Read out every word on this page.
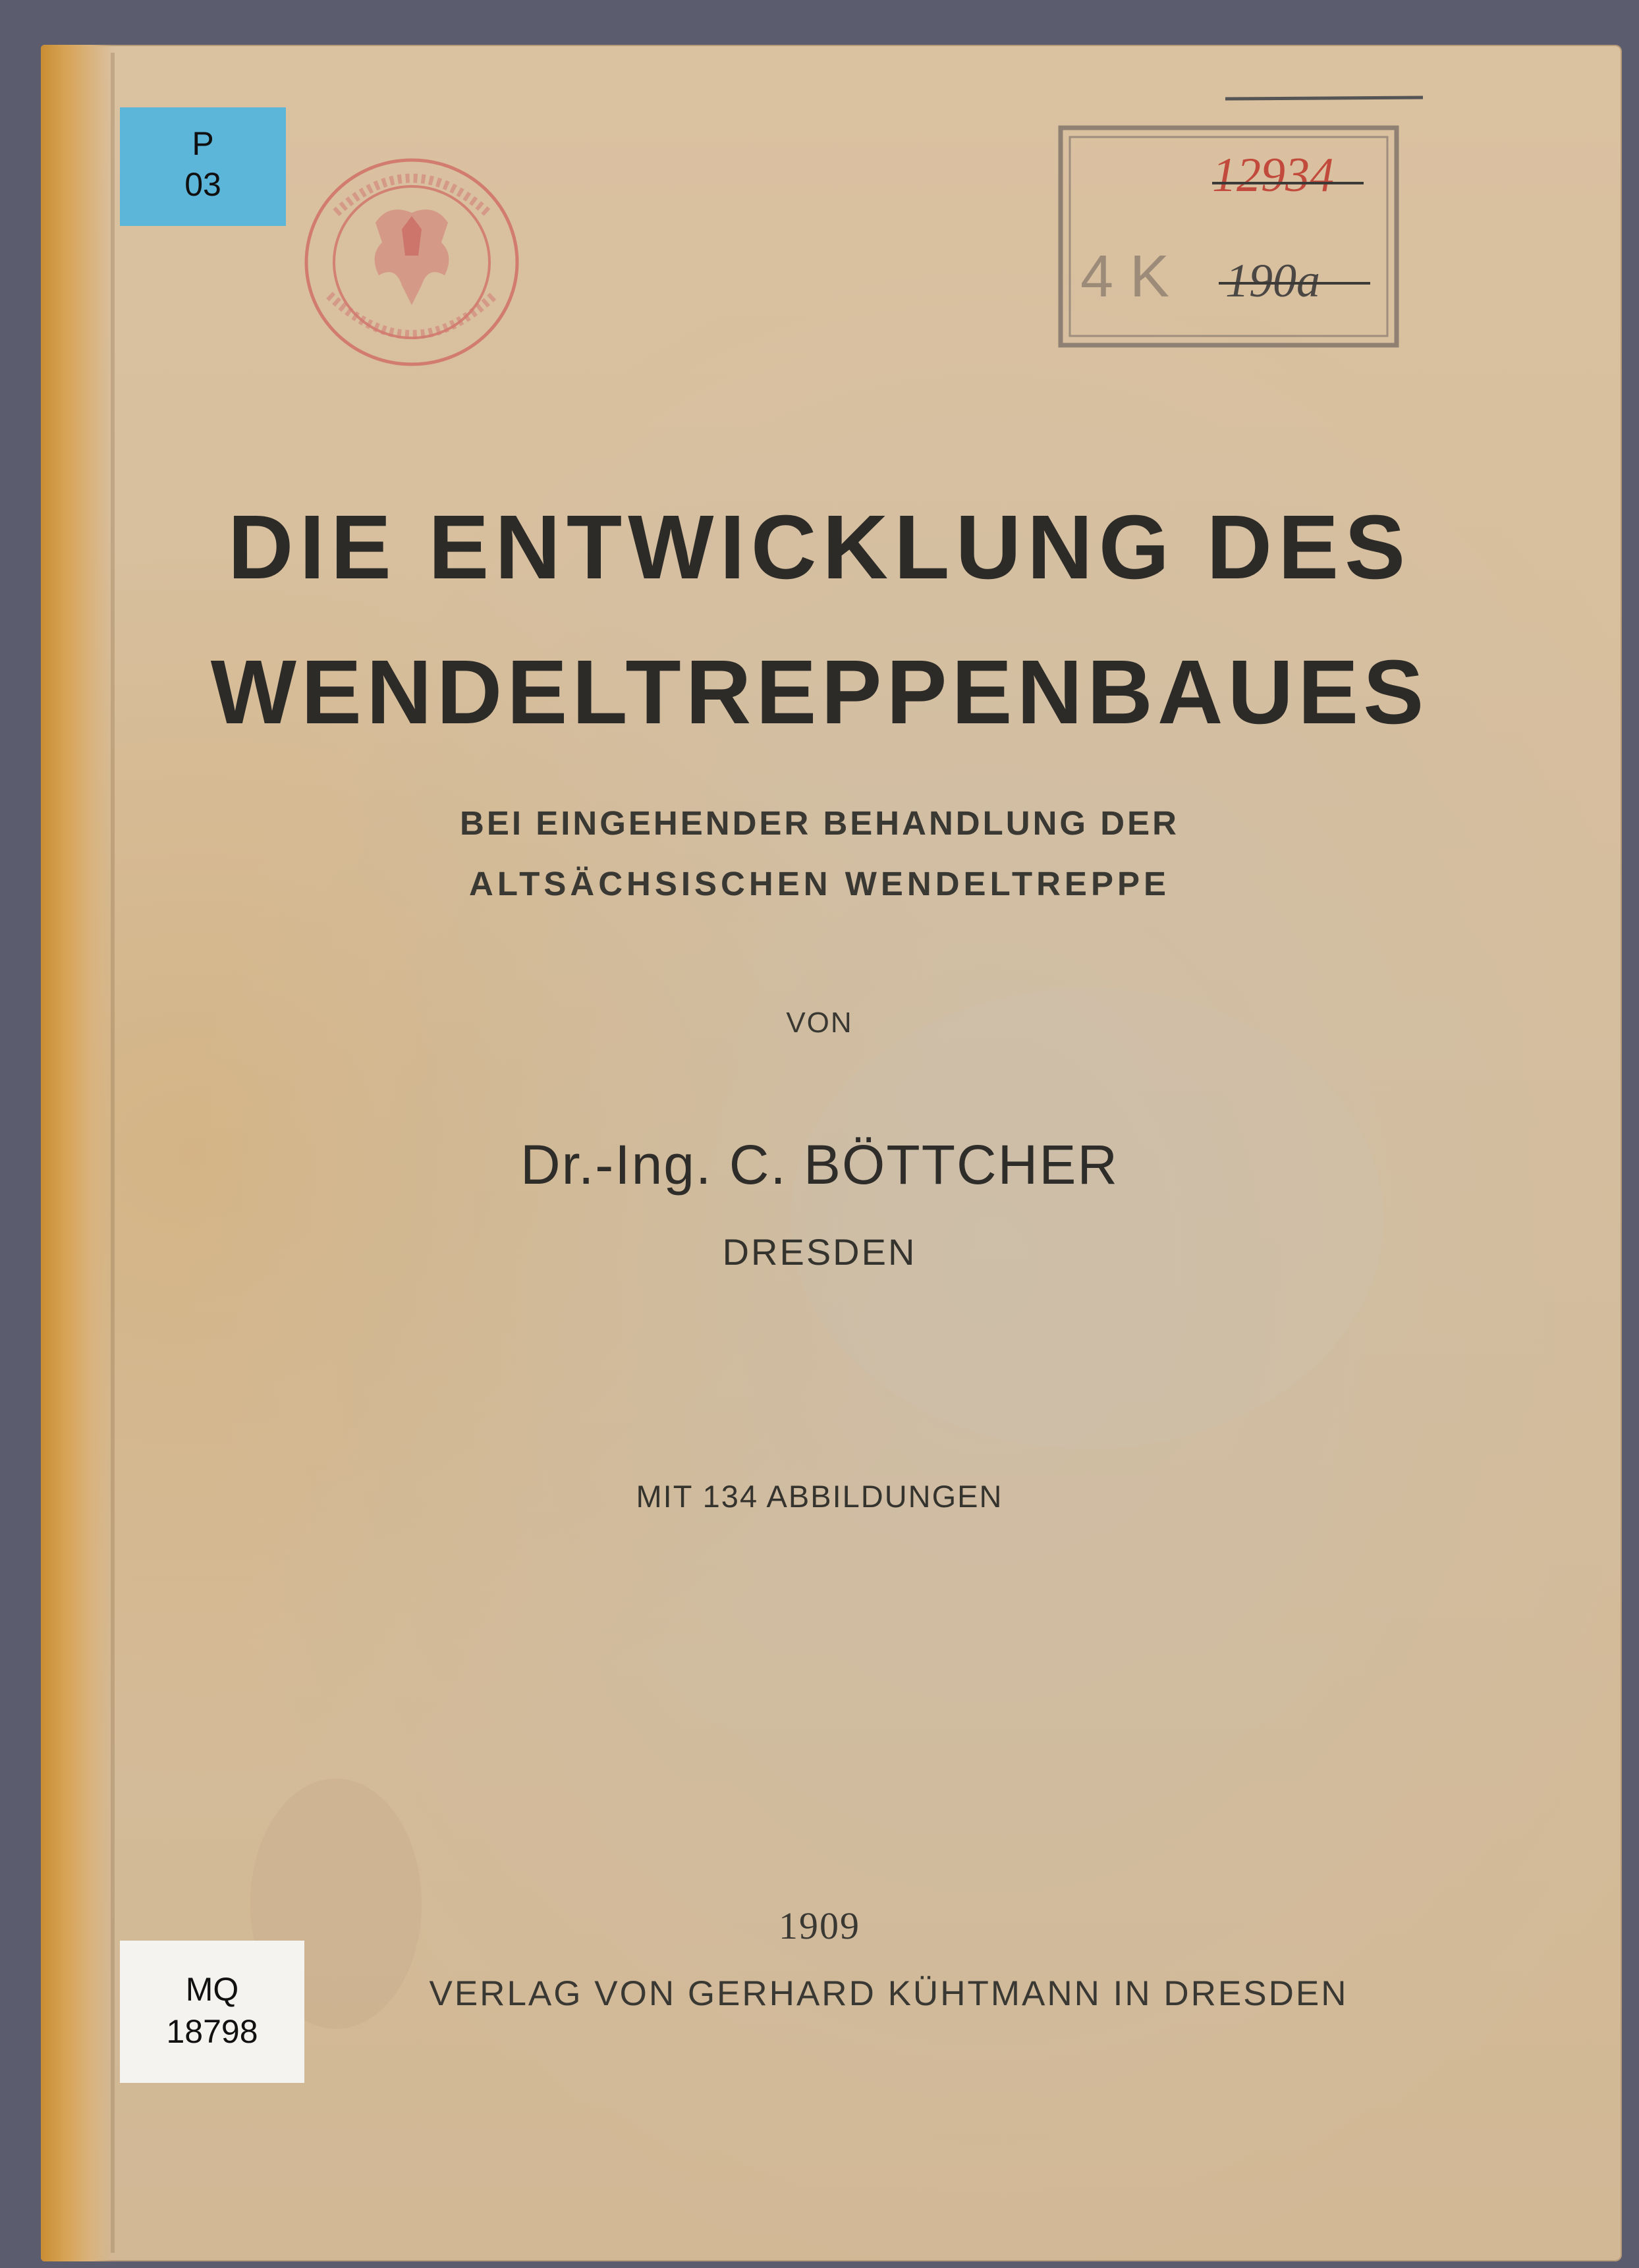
P
03
4 K
12934
190a
DIE ENTWICKLUNG DES
WENDELTREPPENBAUES
BEI EINGEHENDER BEHANDLUNG DER
ALTSÄCHSISCHEN WENDELTREPPE
VON
Dr.-Ing. C. BÖTTCHER
DRESDEN
MIT 134 ABBILDUNGEN
1909
VERLAG VON GERHARD KÜHTMANN IN DRESDEN
MQ
18798
